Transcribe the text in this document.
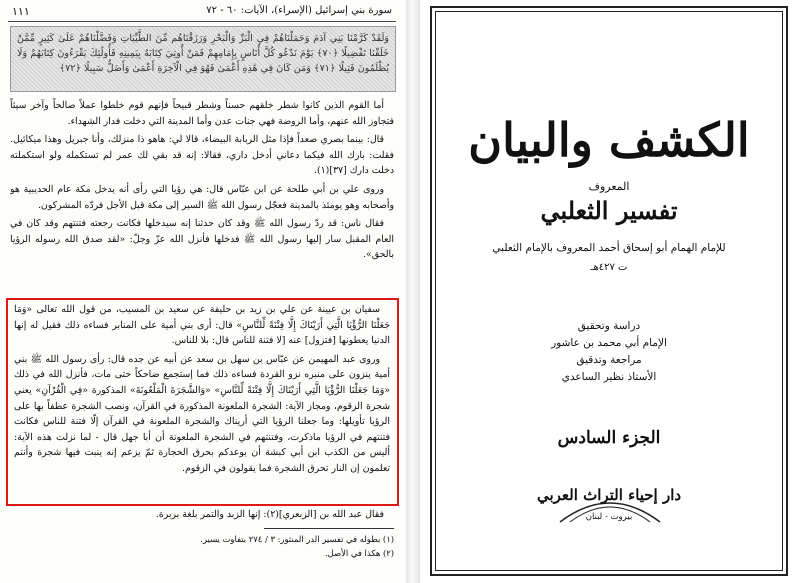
سورة بني إسرائيل (الإسراء)، الآيات: ٦٠ - ٧٢
١١١
وَلَقَدْ كَرَّمْنَا بَنِي آدَمَ وَحَمَلْنَاهُمْ فِي الْبَرِّ وَالْبَحْرِ وَرَزَقْنَاهُم مِّنَ الطَّيِّبَاتِ وَفَضَّلْنَاهُمْ عَلَىٰ كَثِيرٍ مِّمَّنْ خَلَقْنَا تَفْضِيلًا ﴿٧٠﴾ يَوْمَ نَدْعُو كُلَّ أُنَاسٍ بِإِمَامِهِمْ فَمَنْ أُوتِيَ كِتَابَهُ بِيَمِينِهِ فَأُولَٰئِكَ يَقْرَءُونَ كِتَابَهُمْ وَلَا يُظْلَمُونَ فَتِيلًا ﴿٧١﴾ وَمَن كَانَ فِي هَٰذِهِ أَعْمَىٰ فَهُوَ فِي الْآخِرَةِ أَعْمَىٰ وَأَضَلُّ سَبِيلًا ﴿٧٢﴾

أما القوم الذين كانوا شطر خلقهم حسناً وشطر قبيحاً فإنهم قوم خلطوا عملاً صالحاً وآخر سيئاً فتجاوز الله عنهم، وأما الروضة فهي جنات عدن وأما المدينة التي دخلت فدار الشهداء.

قال: بينما بصري صعداً فإذا مثل الربابة البيضاء، قالا لي: هاهو ذا منزلك، وأنا جبريل وهذا ميكائيل. فقلت: بارك الله فيكما دعاني أدخل داري، فقالا: إنه قد بقي لك عمر لم تستكمله ولو استكملته دخلت دارك [٣٧](١).

وروى علي بن أبي طلحة عن ابن عبّاس قال: هي رؤيا التي رأى أنه يدخل مكة عام الحديبية هو وأصحابه وهو يومئذ بالمدينة فعجّل رسول الله ﷺ السير إلى مكة قبل الأجل فردّه المشركون.

فقال ناس: قد ردّ رسول الله ﷺ وقد كان حدثنا إنه سيدخلها فكانت رجعته فتنتهم وقد كان في العام المقبل سار إليها رسول الله ﷺ فدخلها فأنزل الله عزّ وجلّ: «لقد صدق الله رسوله الرؤيا بالحق».

سفيان بن عيينة عن علي بن زيد بن حليفة عن سعيد بن المسيب، من قول الله تعالى «وَمَا جَعَلْنَا الرُّؤْيَا الَّتِي أَرَيْنَاكَ إِلَّا فِتْنَةً لِّلنَّاسِ» قال: أرى بني أمية على المنابر فساءه ذلك فقيل له إنها الدنيا يعطونها [فتزول] عنه [لا فتنة للناس قال: بلا للناس.

وروى عبد المهيمن عن عبّاس بن سهل بن سعد عن أبيه عن جده قال: رأى رسول الله ﷺ بني أمية ينزون على منبره نزو القردة فساءه ذلك فما إستجمع ضاحكاً حتى مات، فأنزل الله في ذلك «وَمَا جَعَلْنَا الرُّؤْيَا الَّتِي أَرَيْنَاكَ إِلَّا فِتْنَةً لِّلنَّاسِ» «وَالشَّجَرَةَ الْمَلْعُونَةَ» المذكورة «فِي الْقُرْآنِ» يعني شجرة الزقوم، ومجاز الآية: الشجرة الملعونة المذكورة في القرآن، ونصب الشجرة عطفاً بها على الرؤيا تأويلها: وما جعلنا الرؤيا التي أريناك والشجرة الملعونة في القرآن إلّا فتنة للناس فكانت فتنتهم في الرؤيا ماذكرت، وفتنتهم في الشجرة الملعونة أن أبا جهل قال - لما نزلت هذه الآية: أليس من الكذب ابن أبي كبشة أن يوعدكم بحرق الحجارة ثمّ يزعم إنه ينبت فيها شجرة وأنتم تعلمون إن النار تحرق الشجرة فما يقولون في الزقوم.

فقال عبد الله بن [الزبعري](٢): إنها الزبد والتمر بلغة بربرة.

(١) بطوله في تفسير الدر المنثور: ٣ / ٢٧٤ بتفاوت يسير.
(٢) هكذا في الأصل.
الكشف والبيان
المعروف
تفسير الثعلبي
للإمام الهمام أبو إسحاق أحمد المعروف بالإمام الثعلبي
ت ٤٢٧هـ
دراسة وتحقيق
الإمام أبي محمد بن عاشور
مراجعة وتدقيق
الأستاذ نظير الساعدي
الجزء السادس
دار إحياء التراث العربي
بيروت - لبنان
